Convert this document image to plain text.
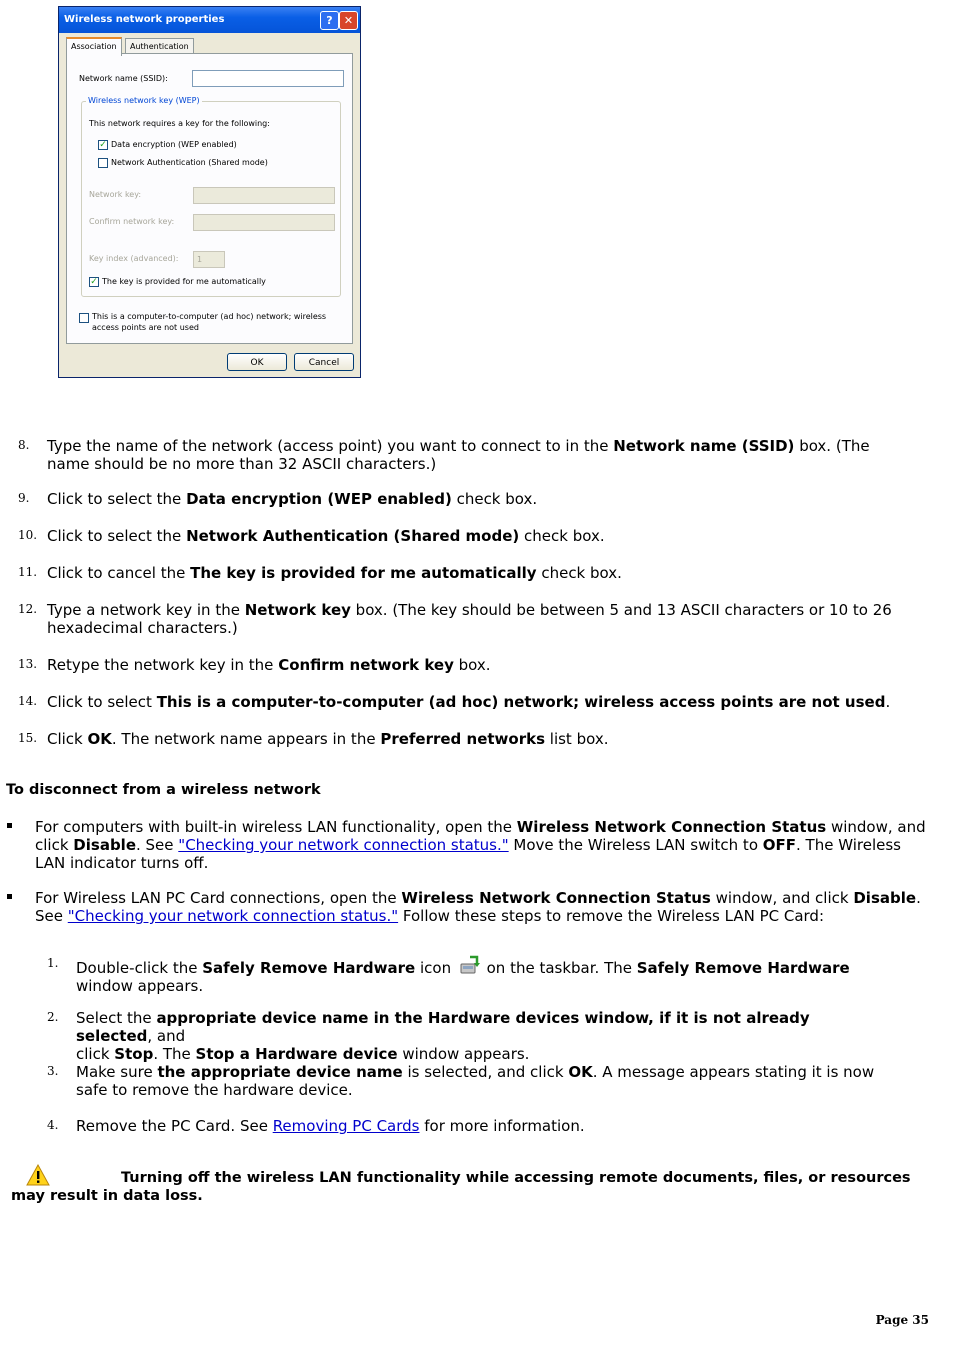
Wireless network properties	?	✕
Association	Authentication
Network name (SSID):
Wireless network key (WEP)
This network requires a key for the following:
✓ Data encryption (WEP enabled)
Network Authentication (Shared mode)
Network key:
Confirm network key:
Key index (advanced): 1
✓ The key is provided for me automatically
This is a computer-to-computer (ad hoc) network; wireless
access points are not used
OK	Cancel
8. Type the name of the network (access point) you want to connect to in the Network name (SSID) box. (The
name should be no more than 32 ASCII characters.)
9. Click to select the Data encryption (WEP enabled) check box.
10. Click to select the Network Authentication (Shared mode) check box.
11. Click to cancel the The key is provided for me automatically check box.
12. Type a network key in the Network key box. (The key should be between 5 and 13 ASCII characters or 10 to 26
hexadecimal characters.)
13. Retype the network key in the Confirm network key box.
14. Click to select This is a computer-to-computer (ad hoc) network; wireless access points are not used.
15. Click OK. The network name appears in the Preferred networks list box.
To disconnect from a wireless network
For computers with built-in wireless LAN functionality, open the Wireless Network Connection Status window, and
click Disable. See "Checking your network connection status." Move the Wireless LAN switch to OFF. The Wireless
LAN indicator turns off.
For Wireless LAN PC Card connections, open the Wireless Network Connection Status window, and click Disable.
See "Checking your network connection status." Follow these steps to remove the Wireless LAN PC Card:
1. Double-click the Safely Remove Hardware icon  on the taskbar. The Safely Remove Hardware
window appears.
2. Select the appropriate device name in the Hardware devices window, if it is not already selected, and
click Stop. The Stop a Hardware device window appears.
3. Make sure the appropriate device name is selected, and click OK. A message appears stating it is now
safe to remove the hardware device.
4. Remove the PC Card. See Removing PC Cards for more information.
Turning off the wireless LAN functionality while accessing remote documents, files, or resources may result in data loss.
Page 35
